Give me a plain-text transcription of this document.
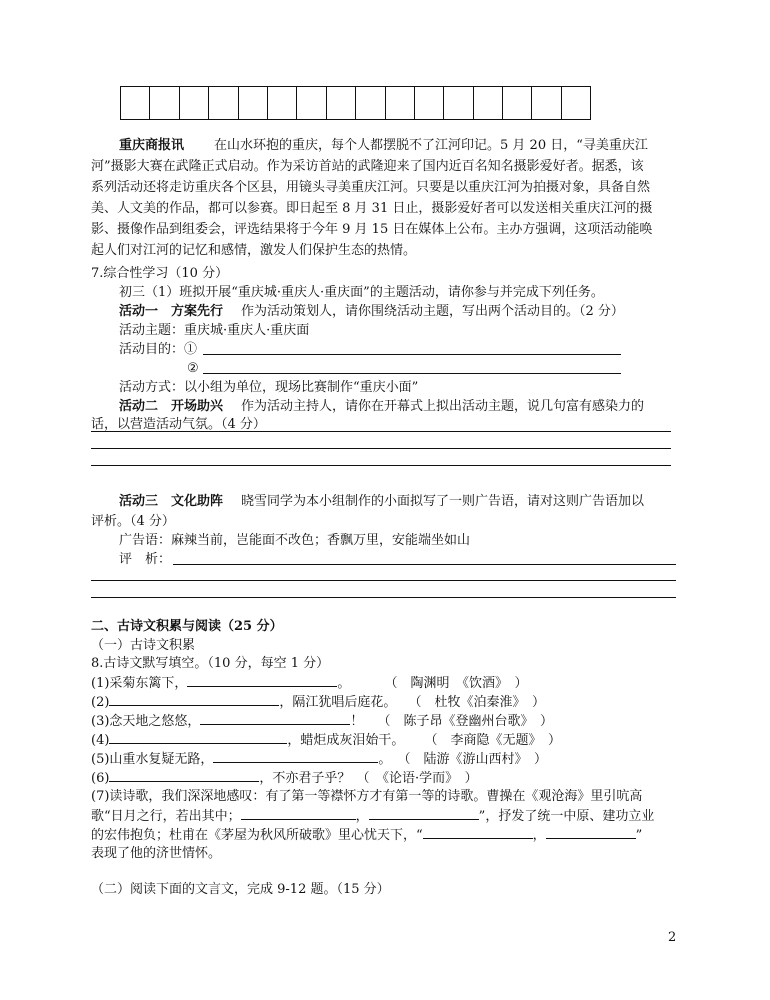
重庆商报讯 在山水环抱的重庆，每个人都摆脱不了江河印记。5 月 20 日，“寻美重庆江
河”摄影大赛在武隆正式启动。作为采访首站的武隆迎来了国内近百名知名摄影爱好者。据悉，该
系列活动还将走访重庆各个区县，用镜头寻美重庆江河。只要是以重庆江河为拍摄对象，具备自然
美、人文美的作品，都可以参赛。即日起至 8 月 31 日止，摄影爱好者可以发送相关重庆江河的摄
影、摄像作品到组委会，评选结果将于今年 9 月 15 日在媒体上公布。主办方强调，这项活动能唤
起人们对江河的记忆和感情，激发人们保护生态的热情。
7.综合性学习（10 分）
初三（1）班拟开展“重庆城·重庆人·重庆面”的主题活动，请你参与并完成下列任务。
活动一　方案先行 作为活动策划人，请你围绕活动主题，写出两个活动目的。（2 分）
活动主题：重庆城·重庆人·重庆面
活动目的：①
②
活动方式：以小组为单位，现场比赛制作“重庆小面”
活动二　开场助兴 作为活动主持人，请你在开幕式上拟出活动主题，说几句富有感染力的
话，以营造活动气氛。（4 分）
活动三　文化助阵 晓雪同学为本小组制作的小面拟写了一则广告语，请对这则广告语加以
评析。（4 分）
广告语：麻辣当前，岂能面不改色；香飘万里，安能端坐如山
评　析：
二、古诗文积累与阅读（25 分）
（一）古诗文积累
8.古诗文默写填空。（10 分，每空 1 分）
(1)采菊东篱下，	。	（　陶渊明　《饮酒》　）
(2)	，隔江犹唱后庭花。 （　杜牧《泊秦淮》　）
(3)念天地之悠悠，	！ （　陈子昂《登幽州台歌》　）
(4)	，蜡炬成灰泪始干。 （　李商隐《无题》　）
(5)山重水复疑无路，	。 （　陆游《游山西村》　）
(6)	，不亦君子乎？ （　《论语·学而》　）
(7)读诗歌，我们深深地感叹：有了第一等襟怀方才有第一等的诗歌。曹操在《观沧海》里引吭高
歌“日月之行，若出其中；	，	”，抒发了统一中原、建功立业
的宏伟抱负；杜甫在《茅屋为秋风所破歌》里心忧天下，“	，	”
表现了他的济世情怀。
（二）阅读下面的文言文，完成 9-12 题。（15 分）
2
